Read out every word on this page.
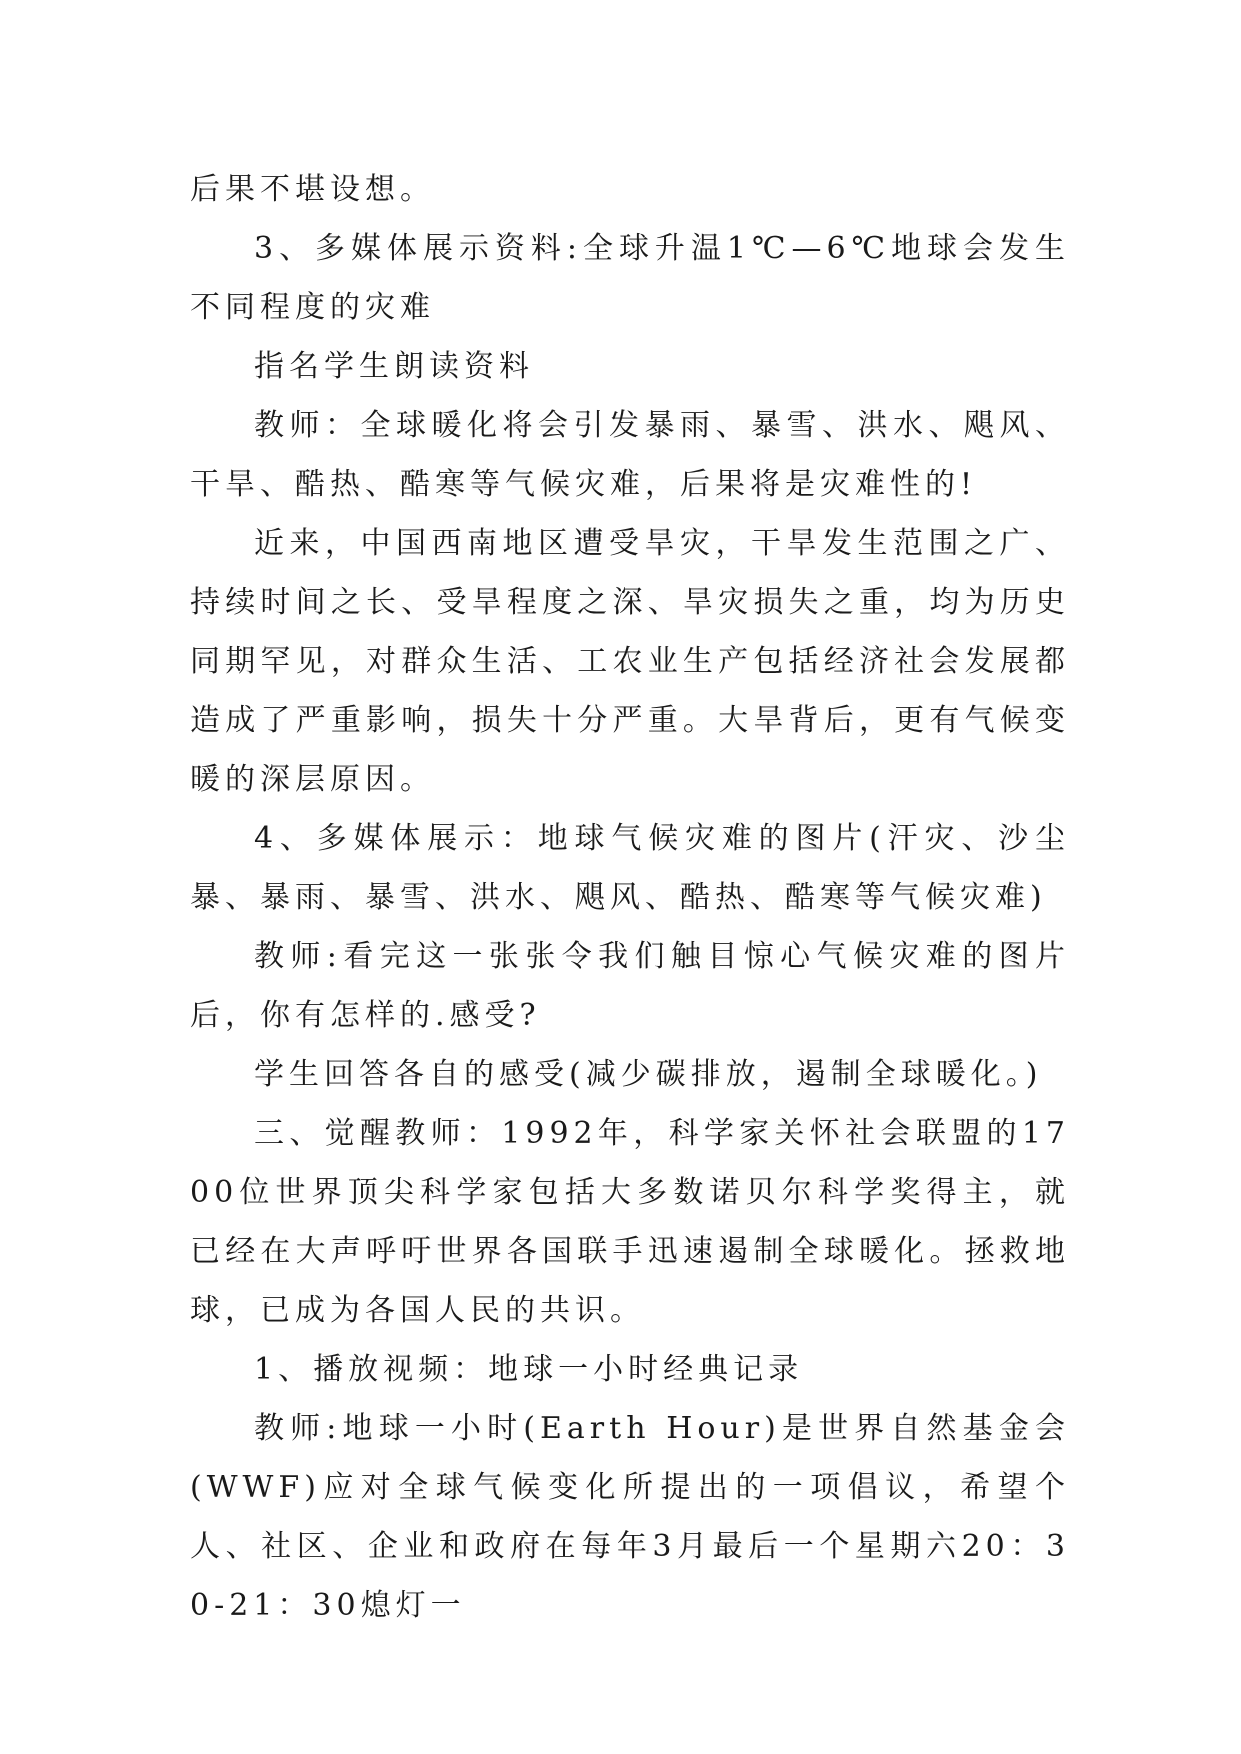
后果不堪设想。

3、多媒体展示资料:全球升温1℃—6℃地球会发生不同程度的灾难

指名学生朗读资料

教师：全球暖化将会引发暴雨、暴雪、洪水、飓风、干旱、酷热、酷寒等气候灾难，后果将是灾难性的!

近来，中国西南地区遭受旱灾，干旱发生范围之广、持续时间之长、受旱程度之深、旱灾损失之重，均为历史同期罕见，对群众生活、工农业生产包括经济社会发展都造成了严重影响，损失十分严重。大旱背后，更有气候变暖的深层原因。

4、多媒体展示：地球气候灾难的图片(汗灾、沙尘暴、暴雨、暴雪、洪水、飓风、酷热、酷寒等气候灾难)

教师:看完这一张张令我们触目惊心气候灾难的图片后，你有怎样的.感受?

学生回答各自的感受(减少碳排放，遏制全球暖化。)

三、觉醒教师：1992年，科学家关怀社会联盟的1700位世界顶尖科学家包括大多数诺贝尔科学奖得主，就已经在大声呼吁世界各国联手迅速遏制全球暖化。拯救地球，已成为各国人民的共识。

1、播放视频：地球一小时经典记录

教师:地球一小时(Earth Hour)是世界自然基金会(WWF)应对全球气候变化所提出的一项倡议，希望个人、社区、企业和政府在每年3月最后一个星期六20：30-21：30熄灯一
